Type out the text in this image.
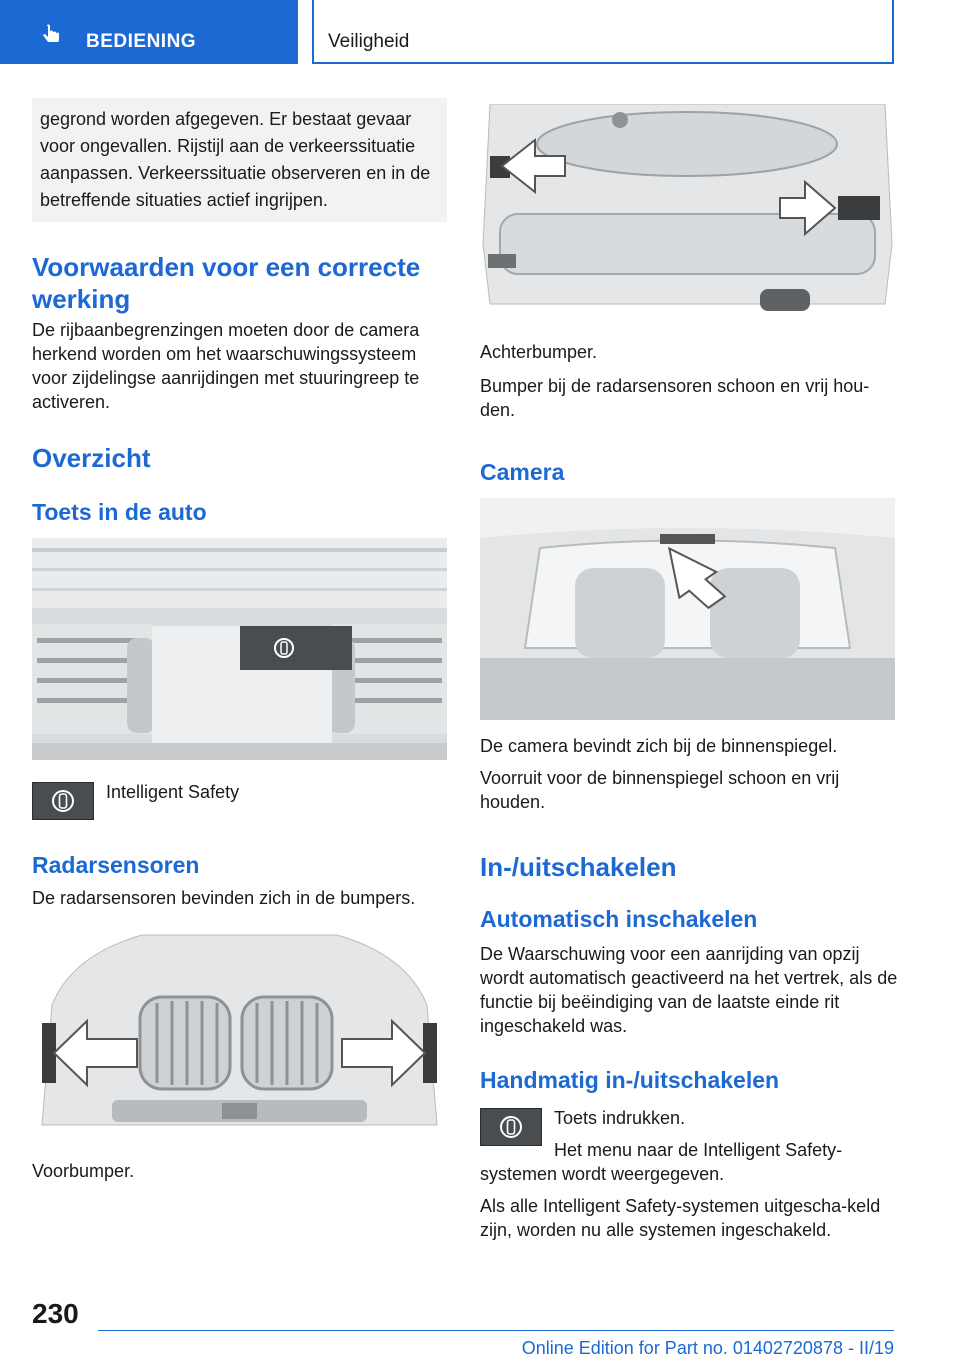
BEDIENING	Veiligheid
gegrond worden afgegeven. Er bestaat gevaar voor ongevallen. Rijstijl aan de verkeerssituatie aanpassen. Verkeerssituatie observeren en in de betreffende situaties actief ingrijpen.
Voorwaarden voor een correcte werking
De rijbaanbegrenzingen moeten door de camera herkend worden om het waarschuwingssysteem voor zijdelingse aanrijdingen met stuuringreep te activeren.
Overzicht
Toets in de auto
Intelligent Safety
Radarsensoren
De radarsensoren bevinden zich in de bumpers.
Voorbumper.
Achterbumper.
Bumper bij de radarsensoren schoon en vrij hou-den.
Camera
De camera bevindt zich bij de binnenspiegel.
Voorruit voor de binnenspiegel schoon en vrij houden.
In-/uitschakelen
Automatisch inschakelen
De Waarschuwing voor een aanrijding van opzij wordt automatisch geactiveerd na het vertrek, als de functie bij beëindiging van de laatste einde rit ingeschakeld was.
Handmatig in-/uitschakelen
Toets indrukken.
Het menu naar de Intelligent Safety-systemen wordt weergegeven.
Als alle Intelligent Safety-systemen uitgescha-keld zijn, worden nu alle systemen ingeschakeld.
230
Online Edition for Part no. 01402720878 - II/19
